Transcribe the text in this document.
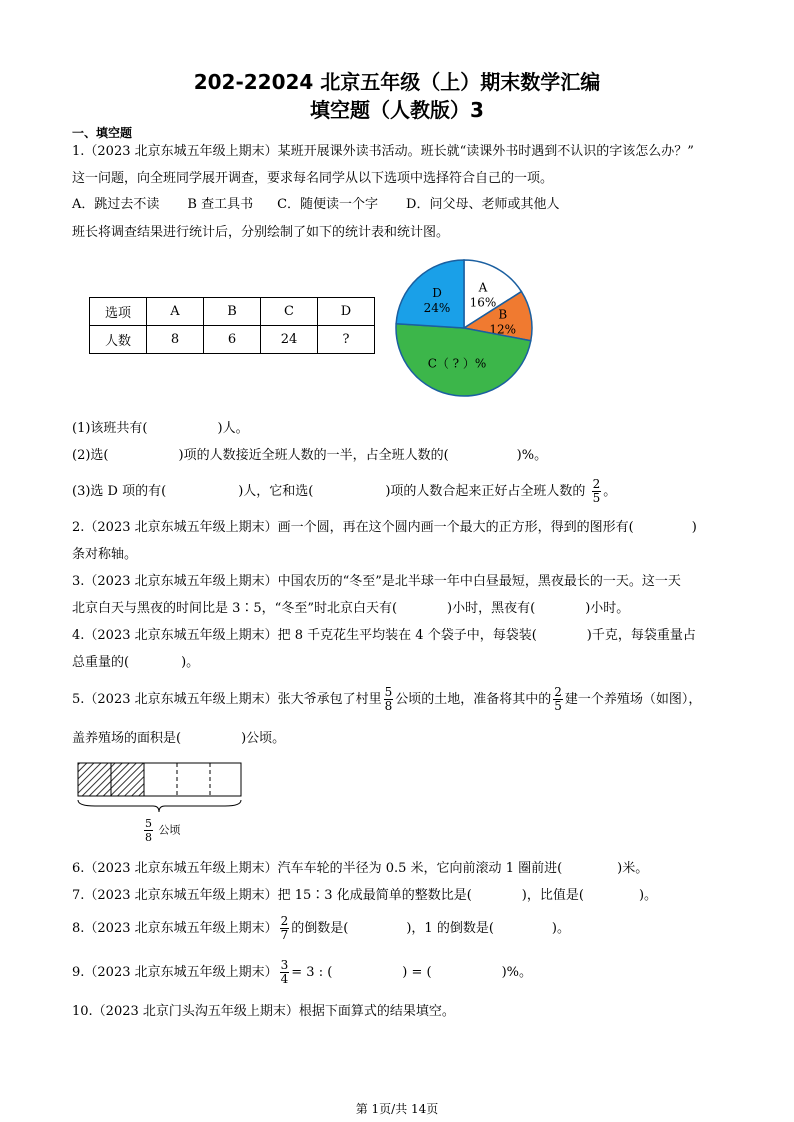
202-22024 北京五年级（上）期末数学汇编
填空题（人教版）3
一、填空题
1.（2023 北京东城五年级上期末）某班开展课外读书活动。班长就“读课外书时遇到不认识的字该怎么办？”
这一问题，向全班同学展开调查，要求每名同学从以下选项中选择符合自己的一项。
A．跳过去不读 B 查工具书 C．随便读一个字 D．问父母、老师或其他人
班长将调查结果进行统计后，分别绘制了如下的统计表和统计图。
选项	A	B	C	D
人数	8	6	24	?
A
16%
B
12%
C（ ? ）%
D
24%
(1)该班共有(	)人。
(2)选(	)项的人数接近全班人数的一半，占全班人数的(	)%。
(3)选 D 项的有(	)人，它和选(	)项的人数合起来正好占全班人数的 $\frac{2}{5}$ 。
2.（2023 北京东城五年级上期末）画一个圆，再在这个圆内画一个最大的正方形，得到的图形有(	)
条对称轴。
3.（2023 北京东城五年级上期末）中国农历的“冬至”是北半球一年中白昼最短，黑夜最长的一天。这一天
北京白天与黑夜的时间比是 3∶5，“冬至”时北京白天有(	)小时，黑夜有(	)小时。
4.（2023 北京东城五年级上期末）把 8 千克花生平均装在 4 个袋子中，每袋装(	)千克，每袋重量占
总重量的(	)。
5.（2023 北京东城五年级上期末）张大爷承包了村里 $\frac{5}{8}$ 公顷的土地，准备将其中的 $\frac{2}{5}$ 建一个养殖场（如图），
盖养殖场的面积是(	)公顷。
$\frac{5}{8}$ 公顷
6.（2023 北京东城五年级上期末）汽车车轮的半径为 0.5 米，它向前滚动 1 圈前进(	)米。
7.（2023 北京东城五年级上期末）把 15∶3 化成最简单的整数比是(	)，比值是(	)。
8.（2023 北京东城五年级上期末） $\frac{2}{7}$ 的倒数是(	)，1 的倒数是(	)。
9.（2023 北京东城五年级上期末） $\frac{3}{4} = 3$ : (	) = (	)%。
10.（2023 北京门头沟五年级上期末）根据下面算式的结果填空。
第 1页/共 14页
